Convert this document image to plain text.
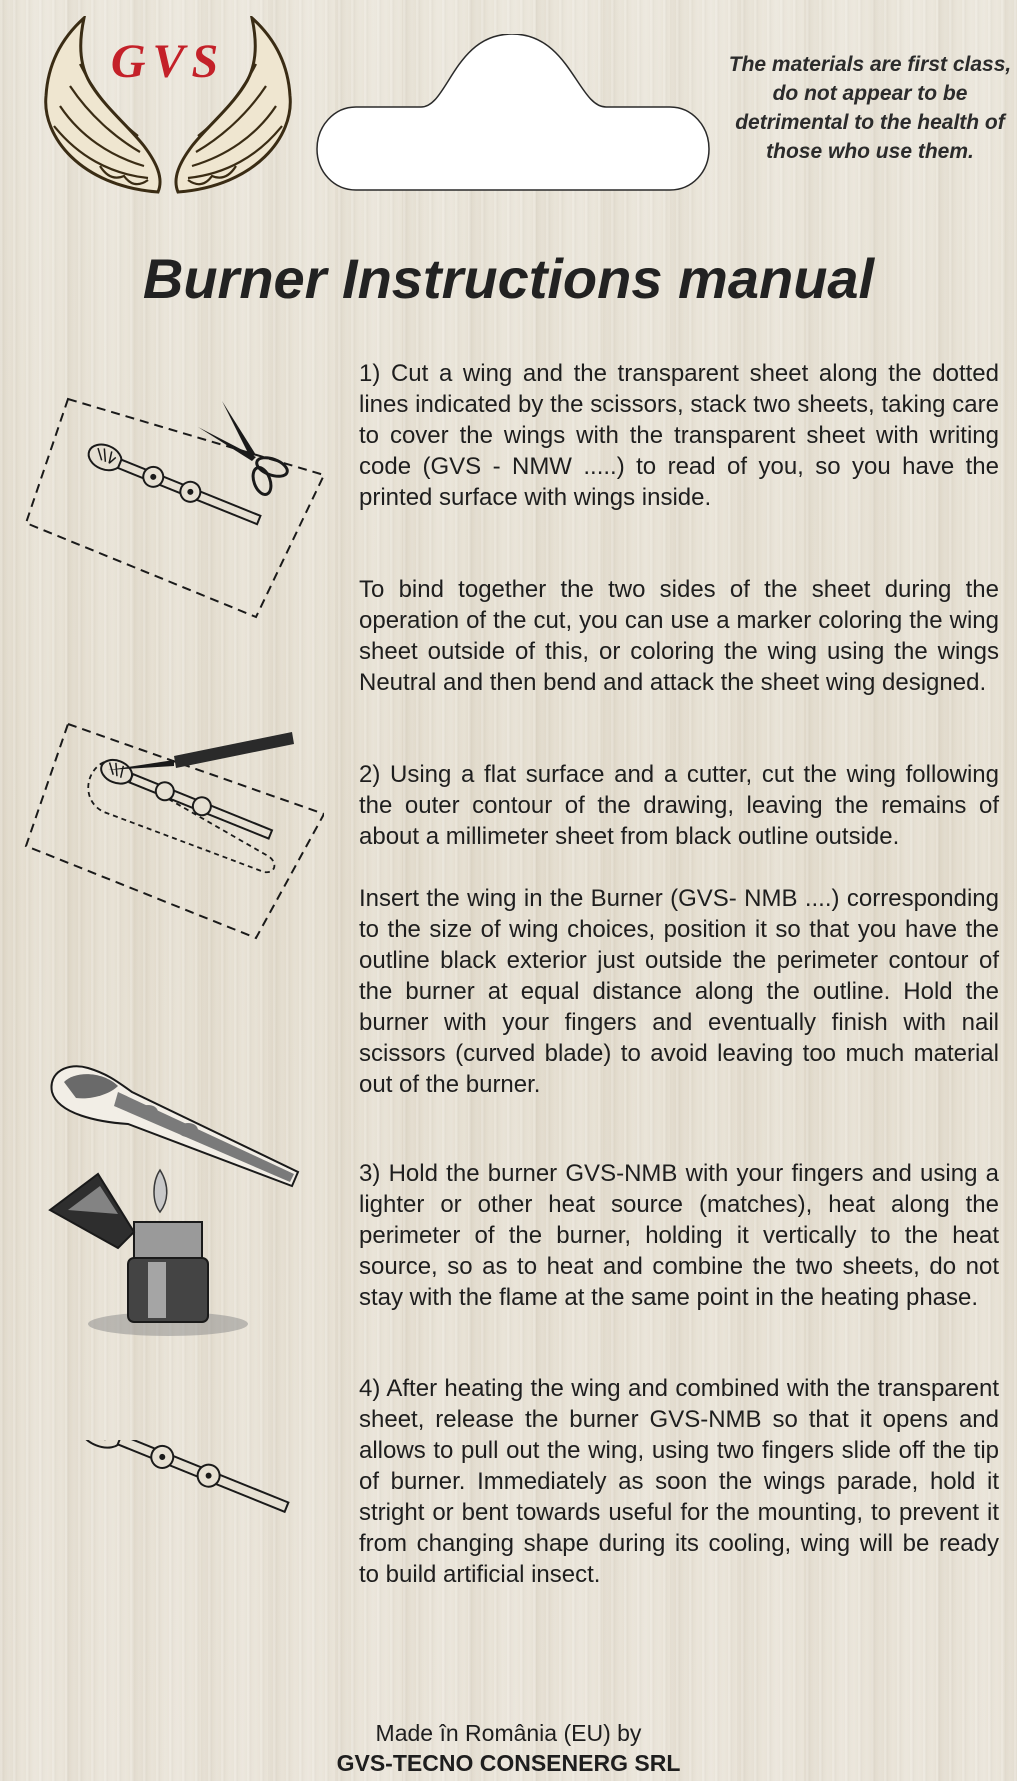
GVS	The materials are first class, do not appear to be detrimental to the health of those who use them.
Burner Instructions manual
1) Cut a wing and the transparent sheet along the dotted lines indicated by the scissors, stack two sheets, taking care to cover the wings with the transparent sheet with writing code (GVS - NMW .....) to read of you, so you have the printed surface with wings inside.
To bind together the two sides of the sheet during the operation of the cut, you can use a marker coloring the wing sheet outside of this, or coloring the wing using the wings Neutral and then bend and attack the sheet wing designed.
2) Using a flat surface and a cutter, cut the wing following the outer contour of the drawing, leaving the remains of about a millimeter sheet from black outline outside.
Insert the wing in the Burner (GVS- NMB ....) corresponding to the size of wing choices, position it so that you have the outline black exterior just outside the perimeter contour of the burner at equal distance along the outline. Hold the burner with your fingers and eventually finish with nail scissors (curved blade) to avoid leaving too much material out of the burner.
3) Hold the burner GVS-NMB with your fingers and using a lighter or other heat source (matches), heat along the perimeter of the burner, holding it vertically to the heat source, so as to heat and combine the two sheets, do not stay with the flame at the same point in the heating phase.
4) After heating the wing and combined with the transparent sheet, release the burner GVS-NMB so that it opens and allows to pull out the wing, using two fingers slide off the tip of burner. Immediately as soon the wings parade, hold it stright or bent towards useful for the mounting, to prevent it from changing shape during its cooling, wing will be ready to build artificial insect.
Made în România (EU) by
GVS-TECNO CONSENERG SRL
